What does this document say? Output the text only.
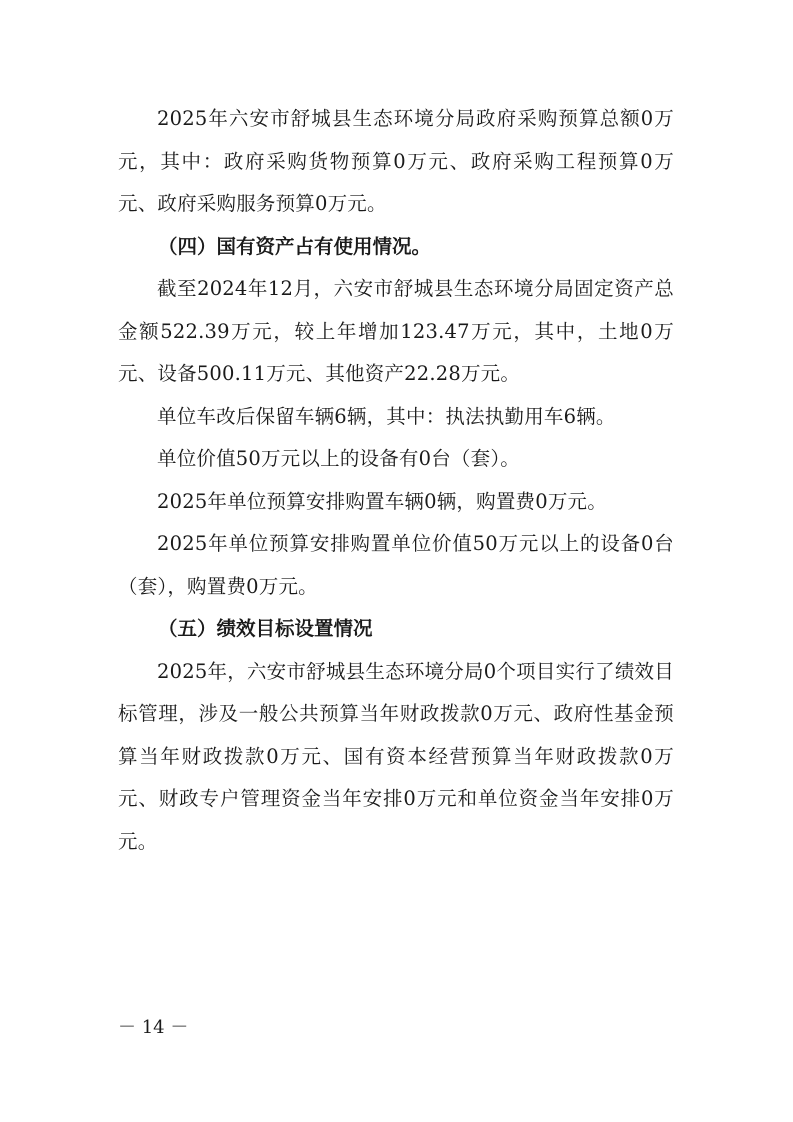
2025年六安市舒城县生态环境分局政府采购预算总额0万元，其中：政府采购货物预算0万元、政府采购工程预算0万元、政府采购服务预算0万元。

（四）国有资产占有使用情况。

截至2024年12月，六安市舒城县生态环境分局固定资产总金额522.39万元，较上年增加123.47万元，其中，土地0万元、设备500.11万元、其他资产22.28万元。

单位车改后保留车辆6辆，其中：执法执勤用车6辆。

单位价值50万元以上的设备有0台（套）。

2025年单位预算安排购置车辆0辆，购置费0万元。

2025年单位预算安排购置单位价值50万元以上的设备0台（套），购置费0万元。

（五）绩效目标设置情况

2025年，六安市舒城县生态环境分局0个项目实行了绩效目标管理，涉及一般公共预算当年财政拨款0万元、政府性基金预算当年财政拨款0万元、国有资本经营预算当年财政拨款0万元、财政专户管理资金当年安排0万元和单位资金当年安排0万元。

－ 14 －
